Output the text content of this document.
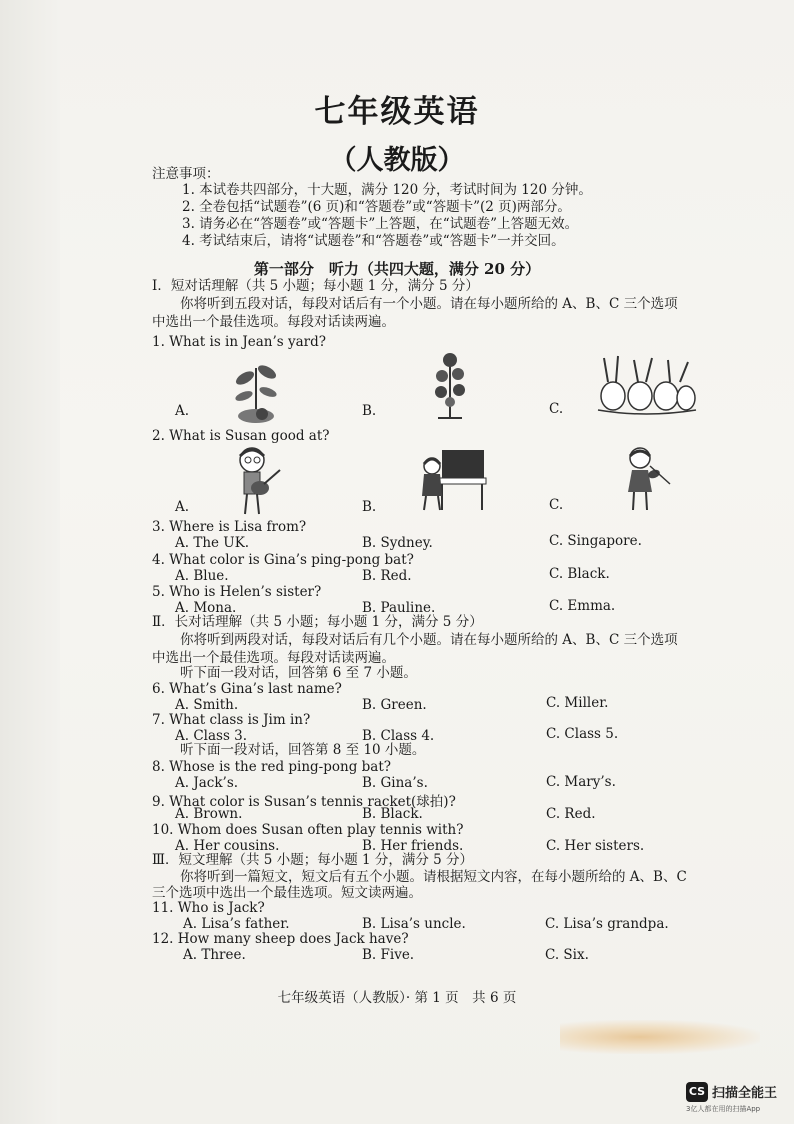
七年级英语
（人教版）
注意事项：
1. 本试卷共四部分，十大题，满分 120 分，考试时间为 120 分钟。
2. 全卷包括“试题卷”(6 页)和“答题卷”或“答题卡”(2 页)两部分。
3. 请务必在“答题卷”或“答题卡”上答题，在“试题卷”上答题无效。
4. 考试结束后，请将“试题卷”和“答题卷”或“答题卡”一并交回。
第一部分　听力（共四大题，满分 20 分）
Ⅰ．短对话理解（共 5 小题；每小题 1 分，满分 5 分）
你将听到五段对话，每段对话后有一个小题。请在每小题所给的 A、B、C 三个选项
中选出一个最佳选项。每段对话读两遍。
1. What is in Jean’s yard?
A.	B.	C.
2. What is Susan good at?
A.	B.	C.
3. Where is Lisa from?
A. The UK.	B. Sydney.	C. Singapore.
4. What color is Gina’s ping-pong bat?
A. Blue.	B. Red.	C. Black.
5. Who is Helen’s sister?
A. Mona.	B. Pauline.	C. Emma.
Ⅱ．长对话理解（共 5 小题；每小题 1 分，满分 5 分）
你将听到两段对话，每段对话后有几个小题。请在每小题所给的 A、B、C 三个选项
中选出一个最佳选项。每段对话读两遍。
听下面一段对话，回答第 6 至 7 小题。
6. What’s Gina’s last name?
A. Smith.	B. Green.	C. Miller.
7. What class is Jim in?
A. Class 3.	B. Class 4.	C. Class 5.
听下面一段对话，回答第 8 至 10 小题。
8. Whose is the red ping-pong bat?
A. Jack’s.	B. Gina’s.	C. Mary’s.
9. What color is Susan’s tennis racket(球拍)?
A. Brown.	B. Black.	C. Red.
10. Whom does Susan often play tennis with?
A. Her cousins.	B. Her friends.	C. Her sisters.
Ⅲ．短文理解（共 5 小题；每小题 1 分，满分 5 分）
你将听到一篇短文，短文后有五个小题。请根据短文内容，在每小题所给的 A、B、C
三个选项中选出一个最佳选项。短文读两遍。
11. Who is Jack?
A. Lisa’s father.	B. Lisa’s uncle.	C. Lisa’s grandpa.
12. How many sheep does Jack have?
A. Three.	B. Five.	C. Six.
七年级英语（人教版）· 第 1 页　共 6 页
CS 扫描全能王
3亿人都在用的扫描App
